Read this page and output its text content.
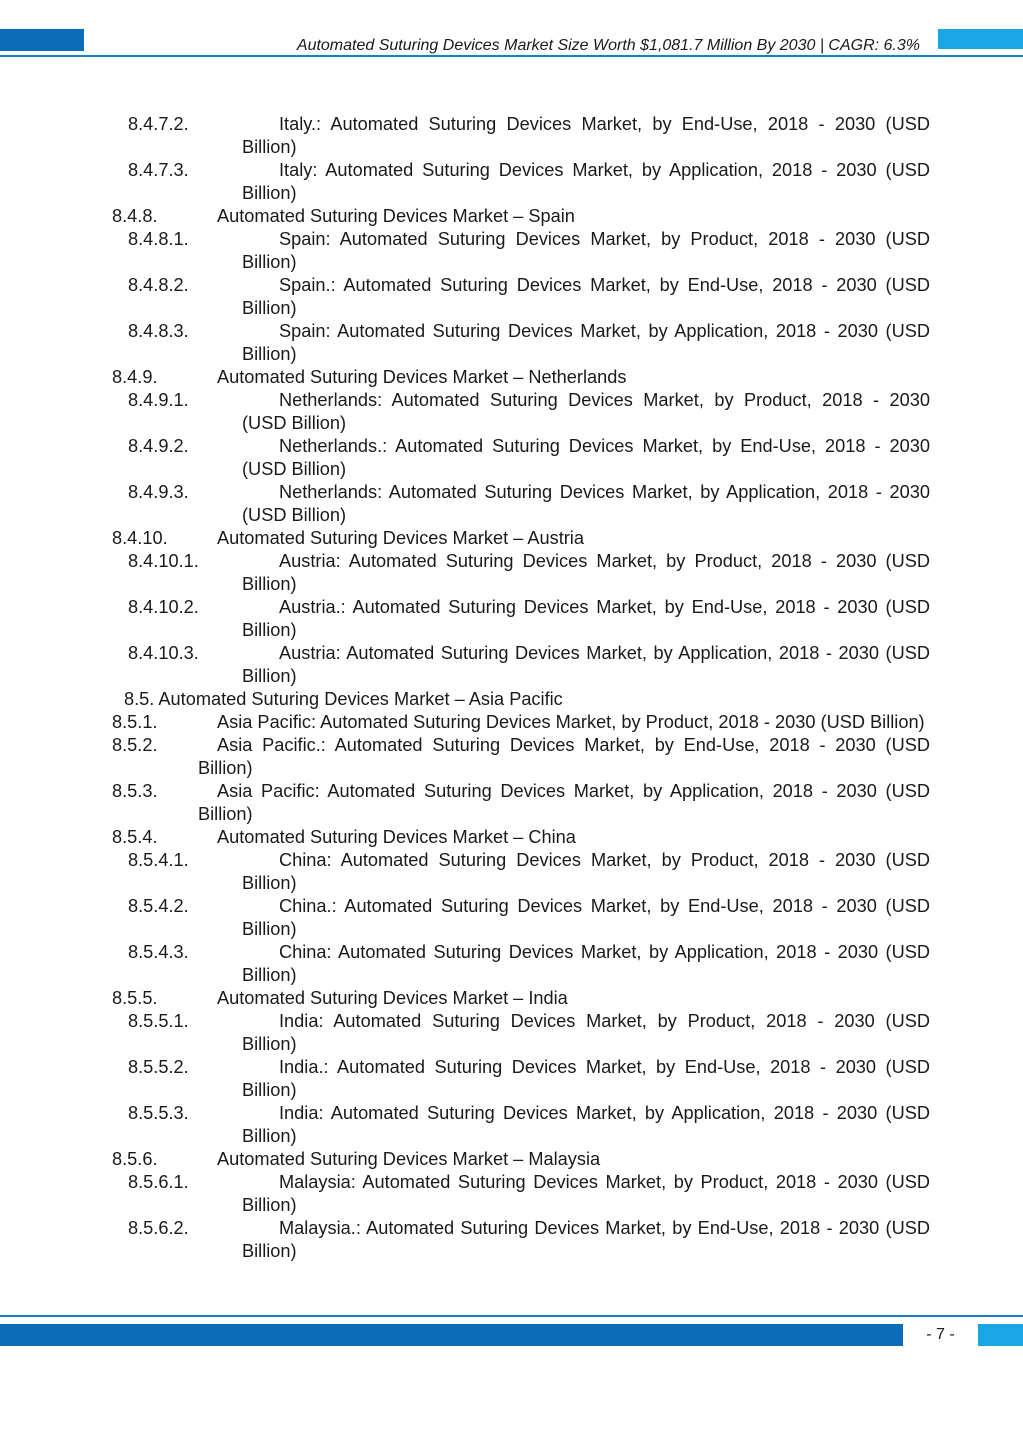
Automated Suturing Devices Market Size Worth $1,081.7 Million By 2030 | CAGR: 6.3%
8.4.7.2.	Italy.: Automated Suturing Devices Market, by End-Use, 2018 - 2030 (USD Billion)
8.4.7.3.	Italy: Automated Suturing Devices Market, by Application, 2018 - 2030 (USD Billion)
8.4.8.	Automated Suturing Devices Market – Spain
8.4.8.1.	Spain: Automated Suturing Devices Market, by Product, 2018 - 2030 (USD Billion)
8.4.8.2.	Spain.: Automated Suturing Devices Market, by End-Use, 2018 - 2030 (USD Billion)
8.4.8.3.	Spain: Automated Suturing Devices Market, by Application, 2018 - 2030 (USD Billion)
8.4.9.	Automated Suturing Devices Market – Netherlands
8.4.9.1.	Netherlands: Automated Suturing Devices Market, by Product, 2018 - 2030 (USD Billion)
8.4.9.2.	Netherlands.: Automated Suturing Devices Market, by End-Use, 2018 - 2030 (USD Billion)
8.4.9.3.	Netherlands: Automated Suturing Devices Market, by Application, 2018 - 2030 (USD Billion)
8.4.10.	Automated Suturing Devices Market – Austria
8.4.10.1.	Austria: Automated Suturing Devices Market, by Product, 2018 - 2030 (USD Billion)
8.4.10.2.	Austria.: Automated Suturing Devices Market, by End-Use, 2018 - 2030 (USD Billion)
8.4.10.3.	Austria: Automated Suturing Devices Market, by Application, 2018 - 2030 (USD Billion)
8.5. Automated Suturing Devices Market – Asia Pacific
8.5.1.	Asia Pacific: Automated Suturing Devices Market, by Product, 2018 - 2030 (USD Billion)
8.5.2.	Asia Pacific.: Automated Suturing Devices Market, by End-Use, 2018 - 2030 (USD Billion)
8.5.3.	Asia Pacific: Automated Suturing Devices Market, by Application, 2018 - 2030 (USD Billion)
8.5.4.	Automated Suturing Devices Market – China
8.5.4.1.	China: Automated Suturing Devices Market, by Product, 2018 - 2030 (USD Billion)
8.5.4.2.	China.: Automated Suturing Devices Market, by End-Use, 2018 - 2030 (USD Billion)
8.5.4.3.	China: Automated Suturing Devices Market, by Application, 2018 - 2030 (USD Billion)
8.5.5.	Automated Suturing Devices Market – India
8.5.5.1.	India: Automated Suturing Devices Market, by Product, 2018 - 2030 (USD Billion)
8.5.5.2.	India.: Automated Suturing Devices Market, by End-Use, 2018 - 2030 (USD Billion)
8.5.5.3.	India: Automated Suturing Devices Market, by Application, 2018 - 2030 (USD Billion)
8.5.6.	Automated Suturing Devices Market – Malaysia
8.5.6.1.	Malaysia: Automated Suturing Devices Market, by Product, 2018 - 2030 (USD Billion)
8.5.6.2.	Malaysia.: Automated Suturing Devices Market, by End-Use, 2018 - 2030 (USD Billion)
- 7 -
